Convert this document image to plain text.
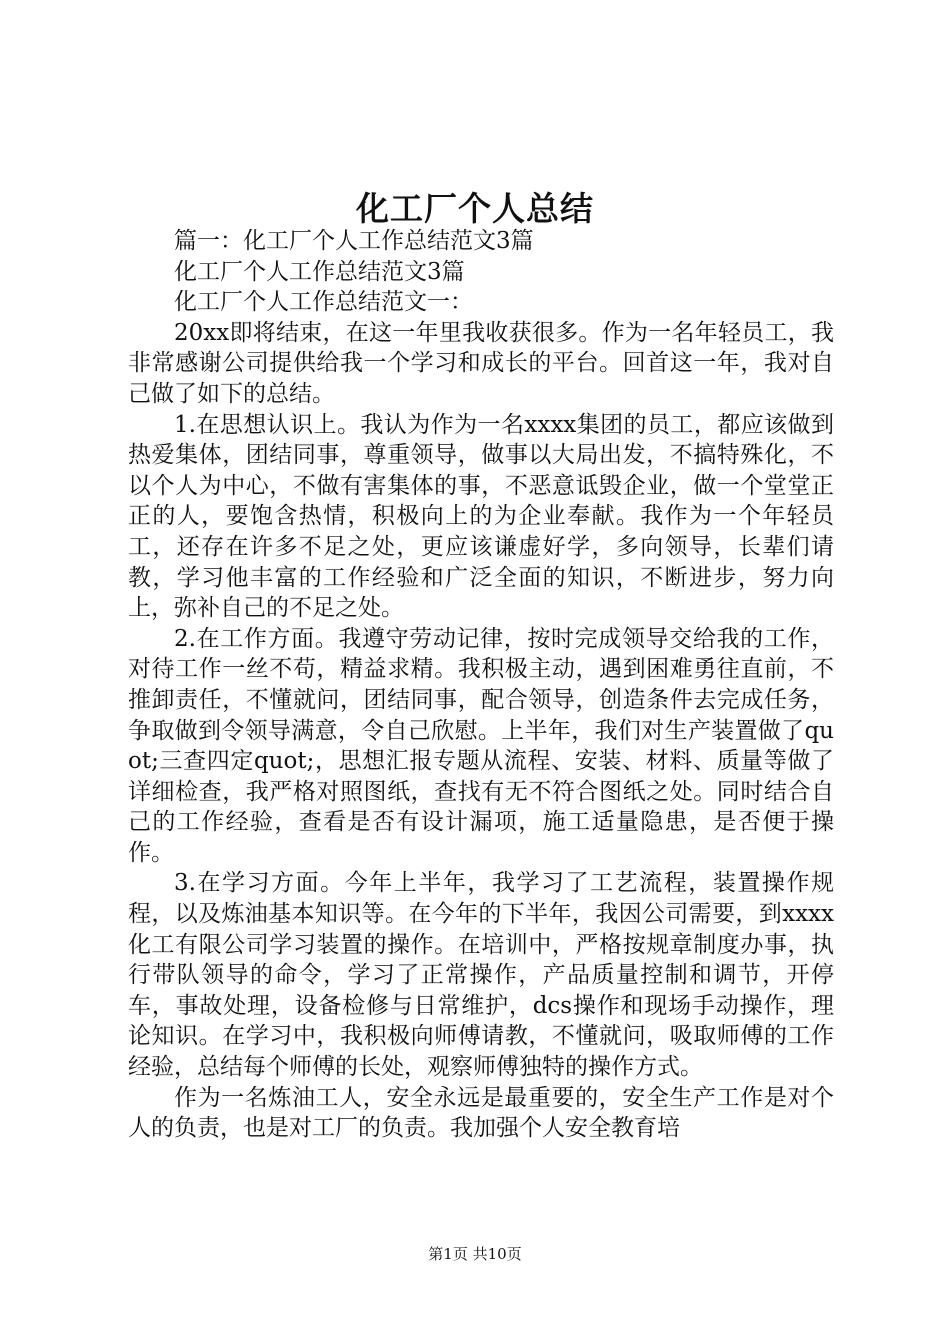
化工厂个人总结

篇一：化工厂个人工作总结范文3篇

化工厂个人工作总结范文3篇

化工厂个人工作总结范文一：

20xx即将结束，在这一年里我收获很多。作为一名年轻员工，我非常感谢公司提供给我一个学习和成长的平台。回首这一年，我对自己做了如下的总结。

1.在思想认识上。我认为作为一名xxxx集团的员工，都应该做到热爱集体，团结同事，尊重领导，做事以大局出发，不搞特殊化，不以个人为中心，不做有害集体的事，不恶意诋毁企业，做一个堂堂正正的人，要饱含热情，积极向上的为企业奉献。我作为一个年轻员工，还存在许多不足之处，更应该谦虚好学，多向领导，长辈们请教，学习他丰富的工作经验和广泛全面的知识，不断进步，努力向上，弥补自己的不足之处。

2.在工作方面。我遵守劳动记律，按时完成领导交给我的工作，对待工作一丝不苟，精益求精。我积极主动，遇到困难勇往直前，不推卸责任，不懂就问，团结同事，配合领导，创造条件去完成任务，争取做到令领导满意，令自己欣慰。上半年，我们对生产装置做了quot;三查四定quot;，思想汇报专题从流程、安装、材料、质量等做了详细检查，我严格对照图纸，查找有无不符合图纸之处。同时结合自己的工作经验，查看是否有设计漏项，施工适量隐患，是否便于操作。

3.在学习方面。今年上半年，我学习了工艺流程，装置操作规程，以及炼油基本知识等。在今年的下半年，我因公司需要，到xxxx化工有限公司学习装置的操作。在培训中，严格按规章制度办事，执行带队领导的命令，学习了正常操作，产品质量控制和调节，开停车，事故处理，设备检修与日常维护，dcs操作和现场手动操作，理论知识。在学习中，我积极向师傅请教，不懂就问，吸取师傅的工作经验，总结每个师傅的长处，观察师傅独特的操作方式。

作为一名炼油工人，安全永远是最重要的，安全生产工作是对个人的负责，也是对工厂的负责。我加强个人安全教育培

第1页 共10页
